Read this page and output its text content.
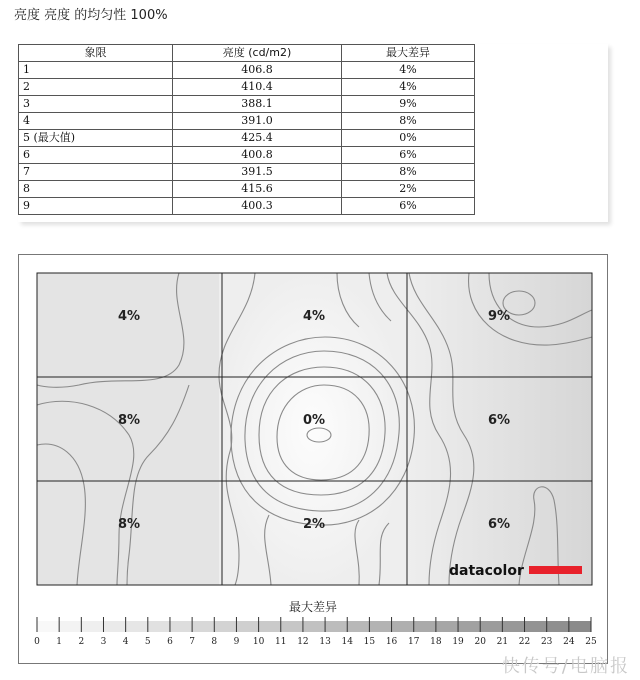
亮度 亮度 的均匀性 100%
象限	亮度 (cd/m2)	最大差异
1	406.8	4%
2	410.4	4%
3	388.1	9%
4	391.0	8%
5 (最大值)	425.4	0%
6	400.8	6%
7	391.5	8%
8	415.6	2%
9	400.3	6%
4%	4%	9%
8%	0%	6%
8%	2%	6%
datacolor
最大差异
0 1 2 3 4 5 6 7 8 9 10 11 12 13 14 15 16 17 18 19 20 21 22 23 24 25
快传号/电脑报
